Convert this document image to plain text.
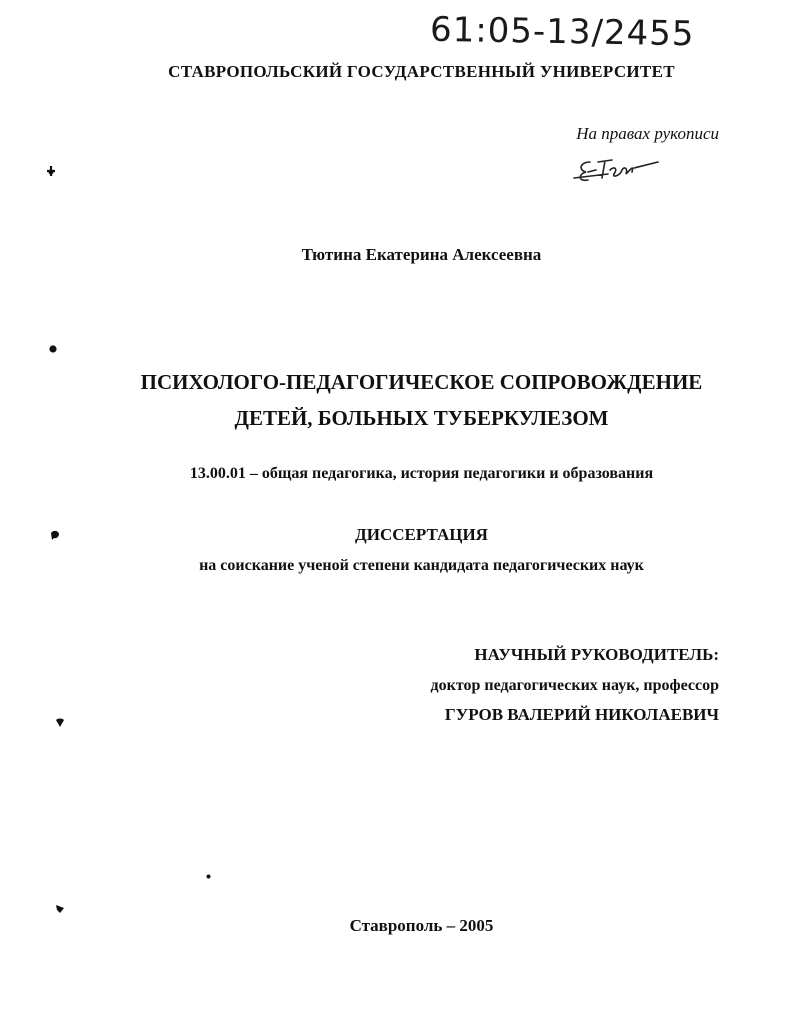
61:05-13/2455
СТАВРОПОЛЬСКИЙ ГОСУДАРСТВЕННЫЙ УНИВЕРСИТЕТ
На правах рукописи
Тютина Екатерина Алексеевна
ПСИХОЛОГО-ПЕДАГОГИЧЕСКОЕ СОПРОВОЖДЕНИЕ
ДЕТЕЙ, БОЛЬНЫХ ТУБЕРКУЛЕЗОМ
13.00.01 – общая педагогика, история педагогики и образования
ДИССЕРТАЦИЯ
на соискание ученой степени кандидата педагогических наук
НАУЧНЫЙ РУКОВОДИТЕЛЬ:
доктор педагогических наук, профессор
ГУРОВ ВАЛЕРИЙ НИКОЛАЕВИЧ
Ставрополь – 2005
